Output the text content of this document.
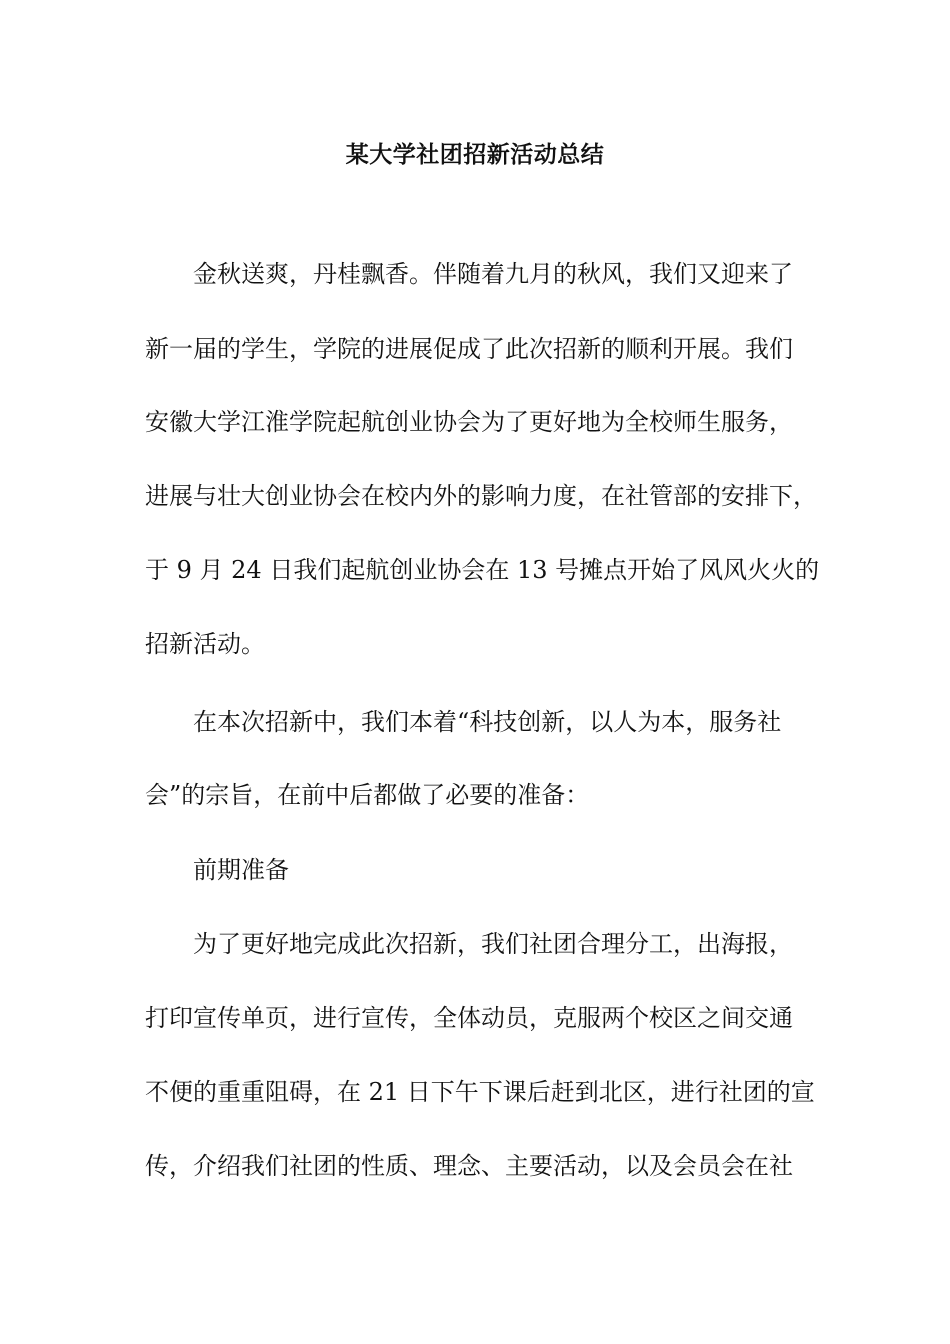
某大学社团招新活动总结
金秋送爽，丹桂飘香。伴随着九月的秋风，我们又迎来了
新一届的学生，学院的进展促成了此次招新的顺利开展。我们
安徽大学江淮学院起航创业协会为了更好地为全校师生服务，
进展与壮大创业协会在校内外的影响力度，在社管部的安排下，
于 9 月 24 日我们起航创业协会在 13 号摊点开始了风风火火的
招新活动。
在本次招新中，我们本着“科技创新，以人为本，服务社
会”的宗旨，在前中后都做了必要的准备：
前期准备
为了更好地完成此次招新，我们社团合理分工，出海报，
打印宣传单页，进行宣传，全体动员，克服两个校区之间交通
不便的重重阻碍，在 21 日下午下课后赶到北区，进行社团的宣
传，介绍我们社团的性质、理念、主要活动，以及会员会在社
